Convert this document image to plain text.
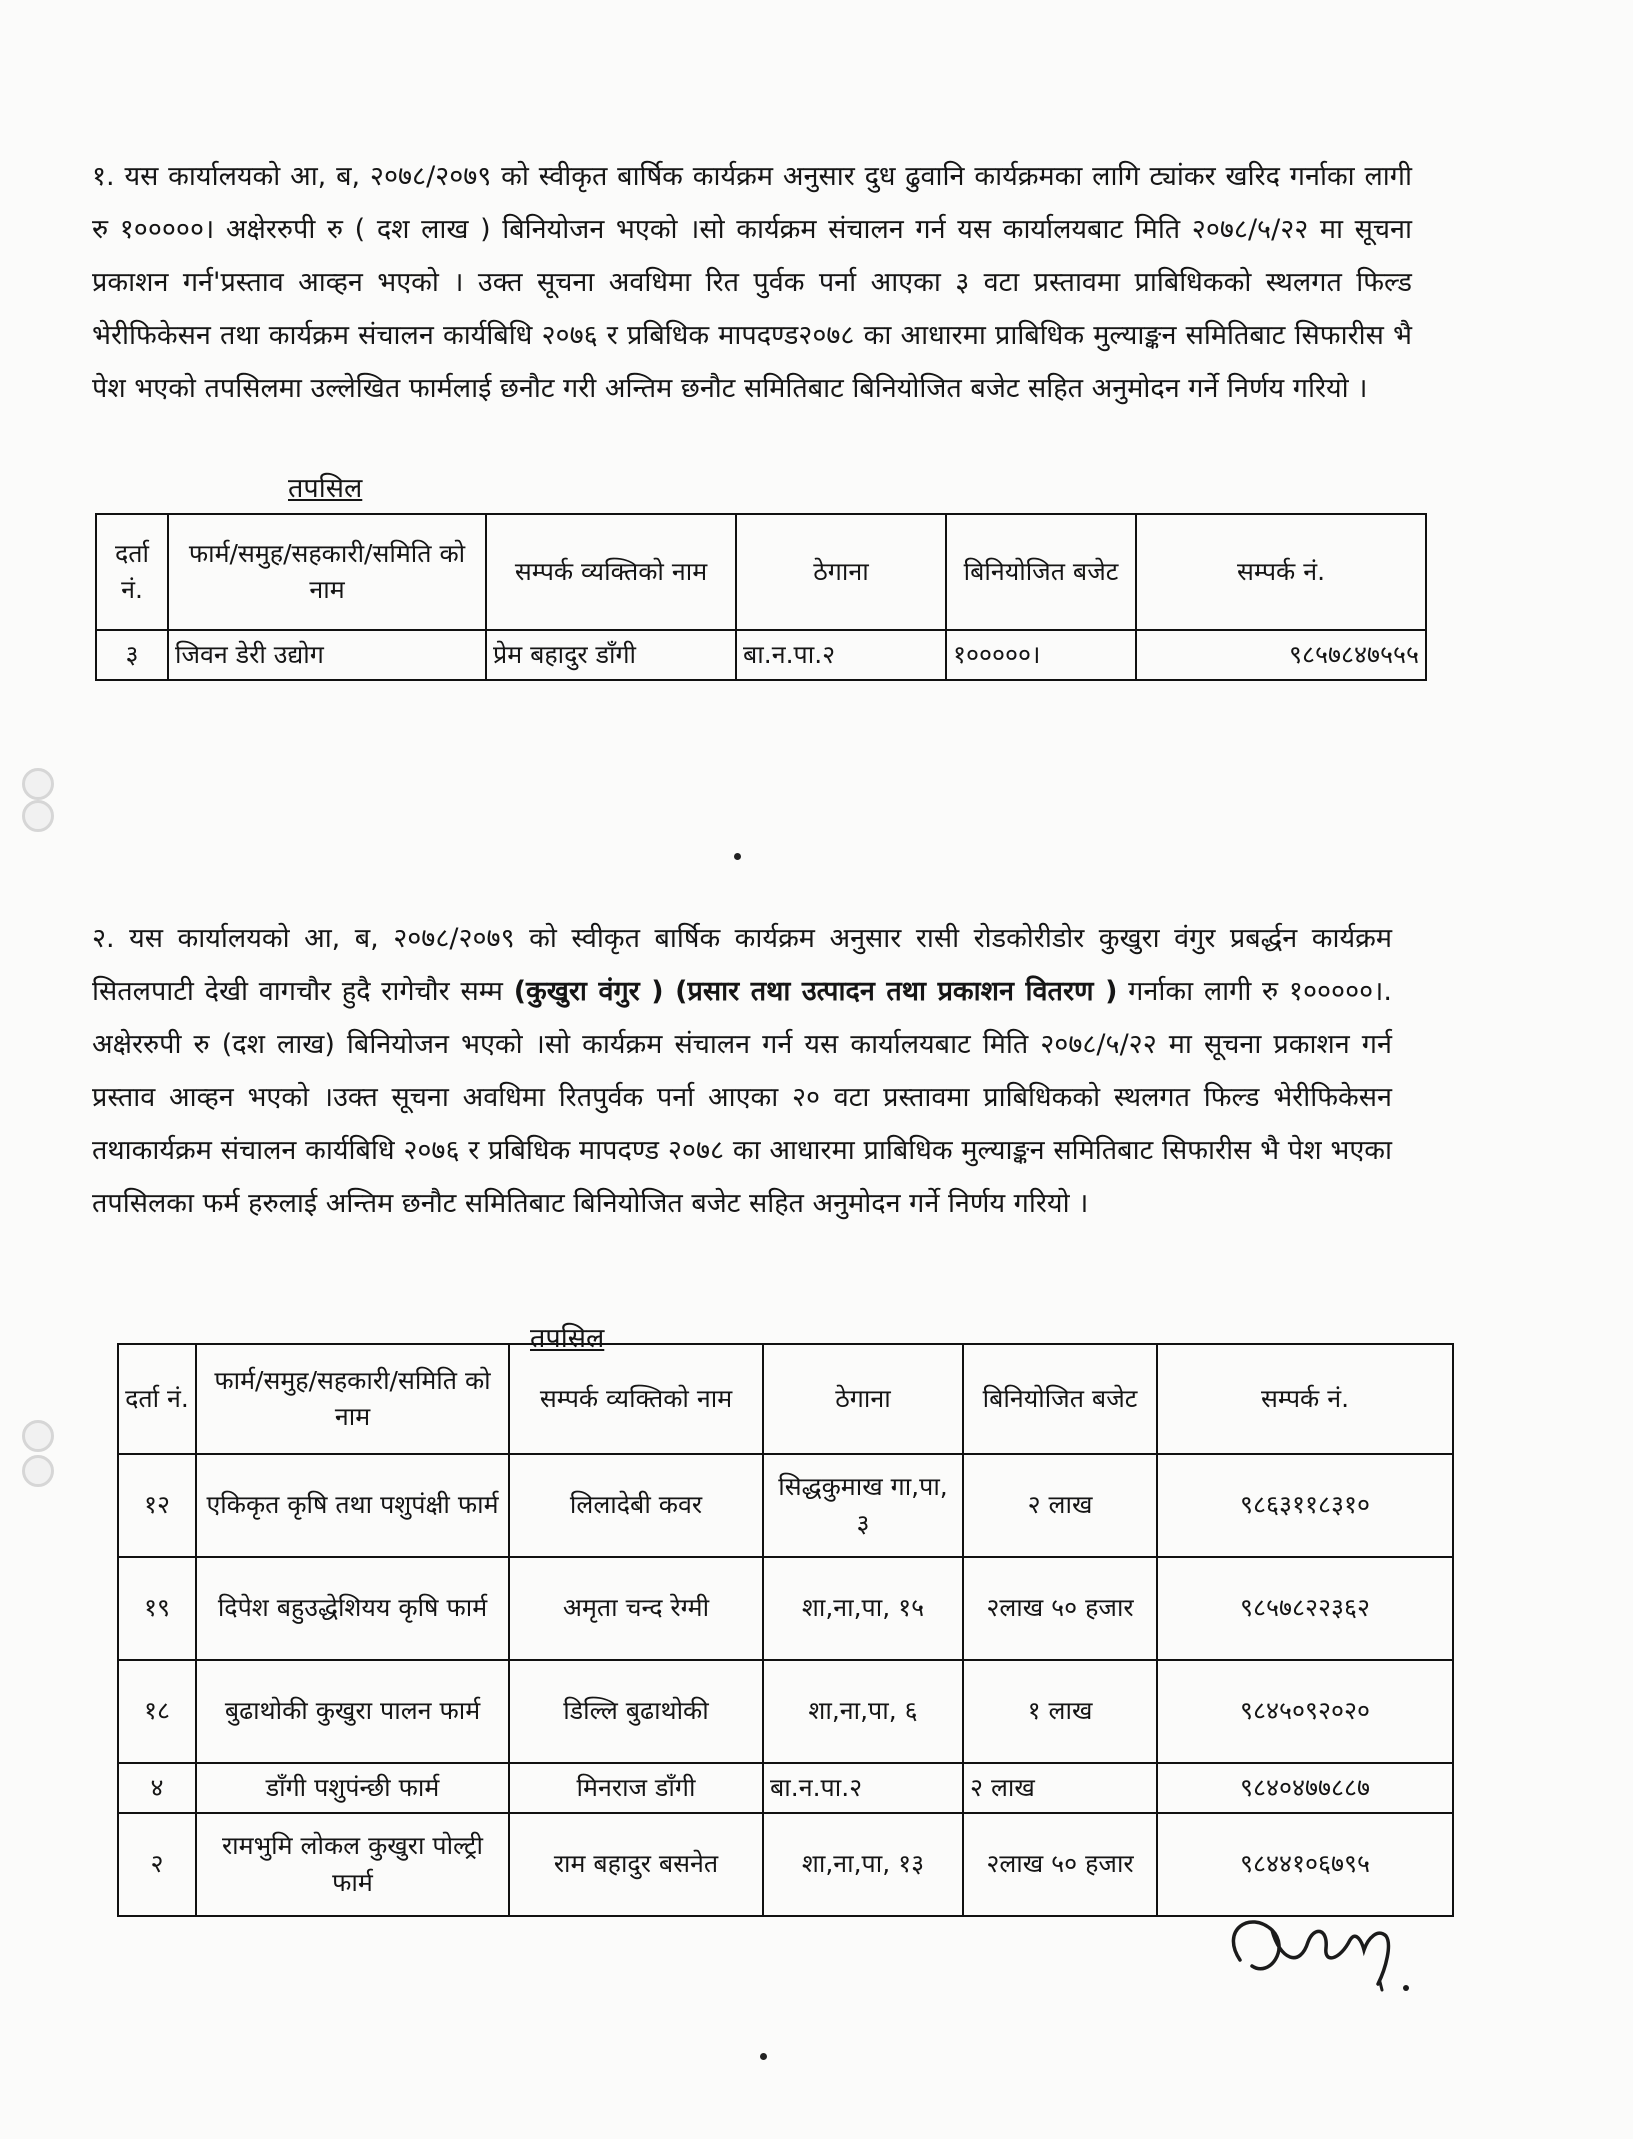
१. यस कार्यालयको आ, ब, २०७८/२०७९ को स्वीकृत बार्षिक कार्यक्रम अनुसार दुध ढुवानि कार्यक्रमका लागि ट्यांकर खरिद गर्नाका लागी रु १०००००। अक्षेररुपी रु ( दश लाख ) बिनियोजन भएको ।सो कार्यक्रम संचालन गर्न यस कार्यालयबाट मिति २०७८/५/२२ मा सूचना प्रकाशन गर्न'प्रस्ताव आव्हन भएको । उक्त सूचना अवधिमा रित पुर्वक पर्ना आएका ३ वटा प्रस्तावमा प्राबिधिकको स्थलगत फिल्ड भेरीफिकेसन तथा कार्यक्रम संचालन कार्यबिधि २०७६ र प्रबिधिक मापदण्ड२०७८ का आधारमा प्राबिधिक मुल्याङ्कन समितिबाट सिफारीस भै पेश भएको तपसिलमा उल्लेखित फार्मलाई छनौट गरी अन्तिम छनौट समितिबाट बिनियोजित बजेट सहित अनुमोदन गर्ने निर्णय गरियो ।

तपसिल

दर्ता नं.	फार्म/समुह/सहकारी/समिति को नाम	सम्पर्क व्यक्तिको नाम	ठेगाना	बिनियोजित बजेट	सम्पर्क नं.
३	जिवन डेरी उद्योग	प्रेम बहादुर डाँगी	बा.न.पा.२	१०००००।	९८५७८४७५५५

२. यस कार्यालयको आ, ब, २०७८/२०७९ को स्वीकृत बार्षिक कार्यक्रम अनुसार रासी रोडकोरीडोर कुखुरा वंगुर प्रबर्द्धन कार्यक्रम सितलपाटी देखी वागचौर हुदै रागेचौर सम्म (कुखुरा वंगुर ) (प्रसार तथा उत्पादन तथा प्रकाशन वितरण ) गर्नाका लागी रु १०००००।. अक्षेररुपी रु (दश लाख) बिनियोजन भएको ।सो कार्यक्रम संचालन गर्न यस कार्यालयबाट मिति २०७८/५/२२ मा सूचना प्रकाशन गर्न प्रस्ताव आव्हन भएको ।उक्त सूचना अवधिमा रितपुर्वक पर्ना आएका २० वटा प्रस्तावमा प्राबिधिकको स्थलगत फिल्ड भेरीफिकेसन तथाकार्यक्रम संचालन कार्यबिधि २०७६ र प्रबिधिक मापदण्ड २०७८ का आधारमा प्राबिधिक मुल्याङ्कन समितिबाट सिफारीस भै पेश भएका तपसिलका फर्म हरुलाई अन्तिम छनौट समितिबाट बिनियोजित बजेट सहित अनुमोदन गर्ने निर्णय गरियो ।

तपसिल

दर्ता नं.	फार्म/समुह/सहकारी/समिति को नाम	सम्पर्क व्यक्तिको नाम	ठेगाना	बिनियोजित बजेट	सम्पर्क नं.
१२	एकिकृत कृषि तथा पशुपंक्षी फार्म	लिलादेबी कवर	सिद्धकुमाख गा,पा, ३	२ लाख	९८६३११८३१०
१९	दिपेश बहुउद्धेशियय कृषि फार्म	अमृता चन्द रेग्मी	शा,ना,पा, १५	२लाख ५० हजार	९८५७८२२३६२
१८	बुढाथोकी कुखुरा पालन फार्म	डिल्लि बुढाथोकी	शा,ना,पा, ६	१ लाख	९८४५०९२०२०
४	डाँगी पशुपंन्छी फार्म	मिनराज डाँगी	बा.न.पा.२	२ लाख	९८४०४७७८८७
२	रामभुमि लोकल कुखुरा पोल्ट्री फार्म	राम बहादुर बसनेत	शा,ना,पा, १३	२लाख ५० हजार	९८४४१०६७९५
